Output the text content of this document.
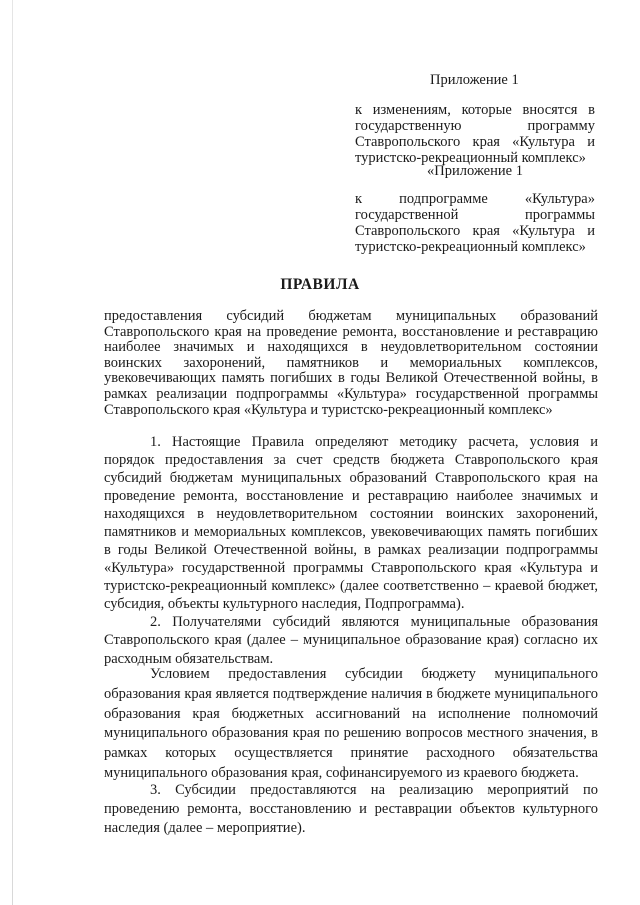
Приложение 1

к изменениям, которые вносятся в государственную программу Ставропольского края «Культура и туристско-рекреационный комплекс»

«Приложение 1

к подпрограмме «Культура» государственной программы Ставропольского края «Культура и туристско-рекреационный комплекс»

ПРАВИЛА

предоставления субсидий бюджетам муниципальных образований Ставропольского края на проведение ремонта, восстановление и реставрацию наиболее значимых и находящихся в неудовлетворительном состоянии воинских захоронений, памятников и мемориальных комплексов, увековечивающих память погибших в годы Великой Отечественной войны, в рамках реализации подпрограммы «Культура» государственной программы Ставропольского края «Культура и туристско-рекреационный комплекс»

1. Настоящие Правила определяют методику расчета, условия и порядок предоставления за счет средств бюджета Ставропольского края субсидий бюджетам муниципальных образований Ставропольского края на проведение ремонта, восстановление и реставрацию наиболее значимых и находящихся в неудовлетворительном состоянии воинских захоронений, памятников и мемориальных комплексов, увековечивающих память погибших в годы Великой Отечественной войны, в рамках реализации подпрограммы «Культура» государственной программы Ставропольского края «Культура и туристско-рекреационный комплекс» (далее соответственно – краевой бюджет, субсидия, объекты культурного наследия, Подпрограмма).

2. Получателями субсидий являются муниципальные образования Ставропольского края (далее – муниципальное образование края) согласно их расходным обязательствам.

Условием предоставления субсидии бюджету муниципального образования края является подтверждение наличия в бюджете муниципального образования края бюджетных ассигнований на исполнение полномочий муниципального образования края по решению вопросов местного значения, в рамках которых осуществляется принятие расходного обязательства муниципального образования края, софинансируемого из краевого бюджета.

3. Субсидии предоставляются на реализацию мероприятий по проведению ремонта, восстановлению и реставрации объектов культурного наследия (далее – мероприятие).
